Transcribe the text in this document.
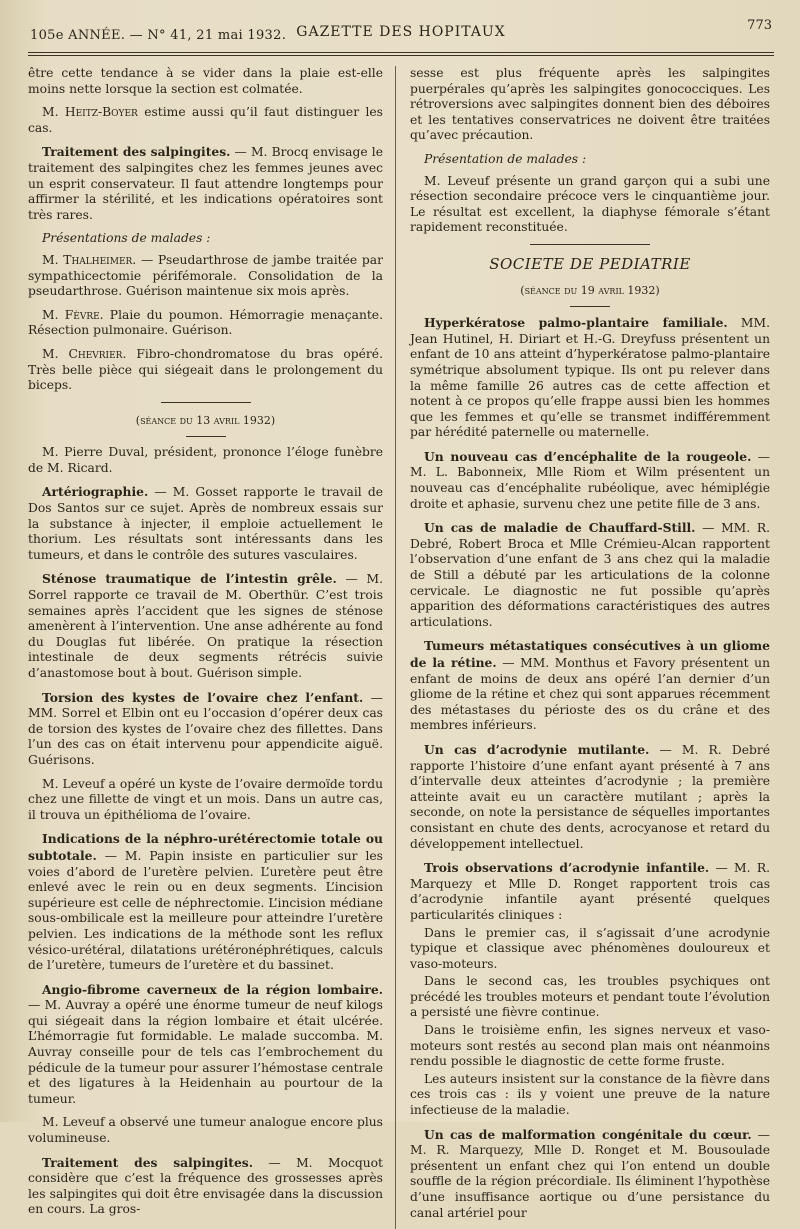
105e ANNÉE. — N° 41, 21 mai 1932. GAZETTE DES HOPITAUX	773

être cette tendance à se vider dans la plaie est-elle moins nette lorsque la section est colmatée.

M. Heitz-Boyer estime aussi qu’il faut distinguer les cas.

Traitement des salpingites. — M. Brocq envisage le traitement des salpingites chez les femmes jeunes avec un esprit conservateur. Il faut attendre longtemps pour affirmer la stérilité, et les indications opératoires sont très rares.

Présentations de malades :

M. Thalheimer. — Pseudarthrose de jambe traitée par sympathicectomie périfémorale. Consolidation de la pseudarthrose. Guérison maintenue six mois après.

M. Fèvre. Plaie du poumon. Hémorragie menaçante. Résection pulmonaire. Guérison.

M. Chevrier. Fibro-chondromatose du bras opéré. Très belle pièce qui siégeait dans le prolongement du biceps.

(séance du 13 avril 1932)

M. Pierre Duval, président, prononce l’éloge funèbre de M. Ricard.

Artériographie. — M. Gosset rapporte le travail de Dos Santos sur ce sujet. Après de nombreux essais sur la substance à injecter, il emploie actuellement le thorium. Les résultats sont intéressants dans les tumeurs, et dans le contrôle des sutures vasculaires.

Sténose traumatique de l’intestin grêle. — M. Sorrel rapporte ce travail de M. Oberthür. C’est trois semaines après l’accident que les signes de sténose amenèrent à l’intervention. Une anse adhérente au fond du Douglas fut libérée. On pratique la résection intestinale de deux segments rétrécis suivie d’anastomose bout à bout. Guérison simple.

Torsion des kystes de l’ovaire chez l’enfant. — MM. Sorrel et Elbin ont eu l’occasion d’opérer deux cas de torsion des kystes de l’ovaire chez des fillettes. Dans l’un des cas on était intervenu pour appendicite aiguë. Guérisons.

M. Leveuf a opéré un kyste de l’ovaire dermoïde tordu chez une fillette de vingt et un mois. Dans un autre cas, il trouva un épithélioma de l’ovaire.

Indications de la néphro-urétérectomie totale ou subtotale. — M. Papin insiste en particulier sur les voies d’abord de l’uretère pelvien. L’uretère peut être enlevé avec le rein ou en deux segments. L’incision supérieure est celle de néphrectomie. L’incision médiane sous-ombilicale est la meilleure pour atteindre l’uretère pelvien. Les indications de la méthode sont les reflux vésico-urétéral, dilatations urétéronéphrétiques, calculs de l’uretère, tumeurs de l’uretère et du bassinet.

Angio-fibrome caverneux de la région lombaire. — M. Auvray a opéré une énorme tumeur de neuf kilogs qui siégeait dans la région lombaire et était ulcérée. L’hémorragie fut formidable. Le malade succomba. M. Auvray conseille pour de tels cas l’embrochement du pédicule de la tumeur pour assurer l’hémostase centrale et des ligatures à la Heidenhain au pourtour de la tumeur.

M. Leveuf a observé une tumeur analogue encore plus volumineuse.

Traitement des salpingites. — M. Mocquot considère que c’est la fréquence des grossesses après les salpingites qui doit être envisagée dans la discussion en cours. La gros-

sesse est plus fréquente après les salpingites puerpérales qu’après les salpingites gonococciques. Les rétroversions avec salpingites donnent bien des déboires et les tentatives conservatrices ne doivent être traitées qu’avec précaution.

Présentation de malades :

M. Leveuf présente un grand garçon qui a subi une résection secondaire précoce vers le cinquantième jour. Le résultat est excellent, la diaphyse fémorale s’étant rapidement reconstituée.

SOCIETE DE PEDIATRIE
(séance du 19 avril 1932)

Hyperkératose palmo-plantaire familiale. MM. Jean Hutinel, H. Diriart et H.-G. Dreyfuss présentent un enfant de 10 ans atteint d’hyperkératose palmo-plantaire symétrique absolument typique. Ils ont pu relever dans la même famille 26 autres cas de cette affection et notent à ce propos qu’elle frappe aussi bien les hommes que les femmes et qu’elle se transmet indifféremment par hérédité paternelle ou maternelle.

Un nouveau cas d’encéphalite de la rougeole. — M. L. Babonneix, Mlle Riom et Wilm présentent un nouveau cas d’encéphalite rubéolique, avec hémiplégie droite et aphasie, survenu chez une petite fille de 3 ans.

Un cas de maladie de Chauffard-Still. — MM. R. Debré, Robert Broca et Mlle Crémieu-Alcan rapportent l’observation d’une enfant de 3 ans chez qui la maladie de Still a débuté par les articulations de la colonne cervicale. Le diagnostic ne fut possible qu’après apparition des déformations caractéristiques des autres articulations.

Tumeurs métastatiques consécutives à un gliome de la rétine. — MM. Monthus et Favory présentent un enfant de moins de deux ans opéré l’an dernier d’un gliome de la rétine et chez qui sont apparues récemment des métastases du périoste des os du crâne et des membres inférieurs.

Un cas d’acrodynie mutilante. — M. R. Debré rapporte l’histoire d’une enfant ayant présenté à 7 ans d’intervalle deux atteintes d’acrodynie ; la première atteinte avait eu un caractère mutilant ; après la seconde, on note la persistance de séquelles importantes consistant en chute des dents, acrocyanose et retard du développement intellectuel.

Trois observations d’acrodynie infantile. — M. R. Marquezy et Mlle D. Ronget rapportent trois cas d’acrodynie infantile ayant présenté quelques particularités cliniques :

Dans le premier cas, il s’agissait d’une acrodynie typique et classique avec phénomènes douloureux et vaso-moteurs.

Dans le second cas, les troubles psychiques ont précédé les troubles moteurs et pendant toute l’évolution a persisté une fièvre continue.

Dans le troisième enfin, les signes nerveux et vaso-moteurs sont restés au second plan mais ont néanmoins rendu possible le diagnostic de cette forme fruste.

Les auteurs insistent sur la constance de la fièvre dans ces trois cas : ils y voient une preuve de la nature infectieuse de la maladie.

Un cas de malformation congénitale du cœur. — M. R. Marquezy, Mlle D. Ronget et M. Bousoulade présentent un enfant chez qui l’on entend un double souffle de la région précordiale. Ils éliminent l’hypothèse d’une insuffisance aortique ou d’une persistance du canal artériel pour
